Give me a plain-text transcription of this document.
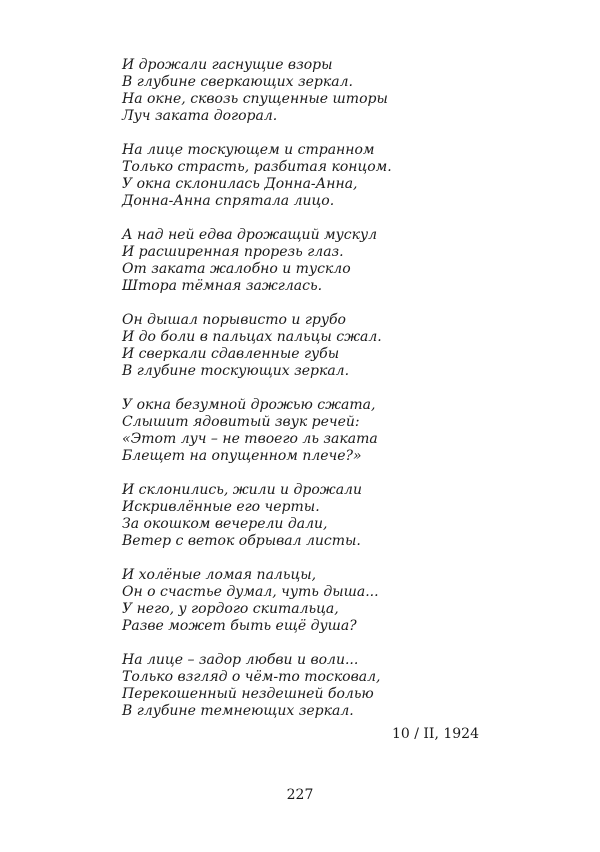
И дрожали гаснущие взоры
В глубине сверкающих зеркал.
На окне, сквозь спущенные шторы
Луч заката догорал.
На лице тоскующем и странном
Только страсть, разбитая концом.
У окна склонилась Донна-Анна,
Донна-Анна спрятала лицо.
А над ней едва дрожащий мускул
И расширенная прорезь глаз.
От заката жалобно и тускло
Штора тёмная зажглась.
Он дышал порывисто и грубо
И до боли в пальцах пальцы сжал.
И сверкали сдавленные губы
В глубине тоскующих зеркал.
У окна безумной дрожью сжата,
Слышит ядовитый звук речей:
«Этот луч – не твоего ль заката
Блещет на опущенном плече?»
И склонились, жили и дрожали
Искривлённые его черты.
За окошком вечерели дали,
Ветер с веток обрывал листы.
И холёные ломая пальцы,
Он о счастье думал, чуть дыша...
У него, у гордого скитальца,
Разве может быть ещё душа?
На лице – задор любви и воли...
Только взгляд о чём-то тосковал,
Перекошенный нездешней болью
В глубине темнеющих зеркал.
10 / II, 1924
227
